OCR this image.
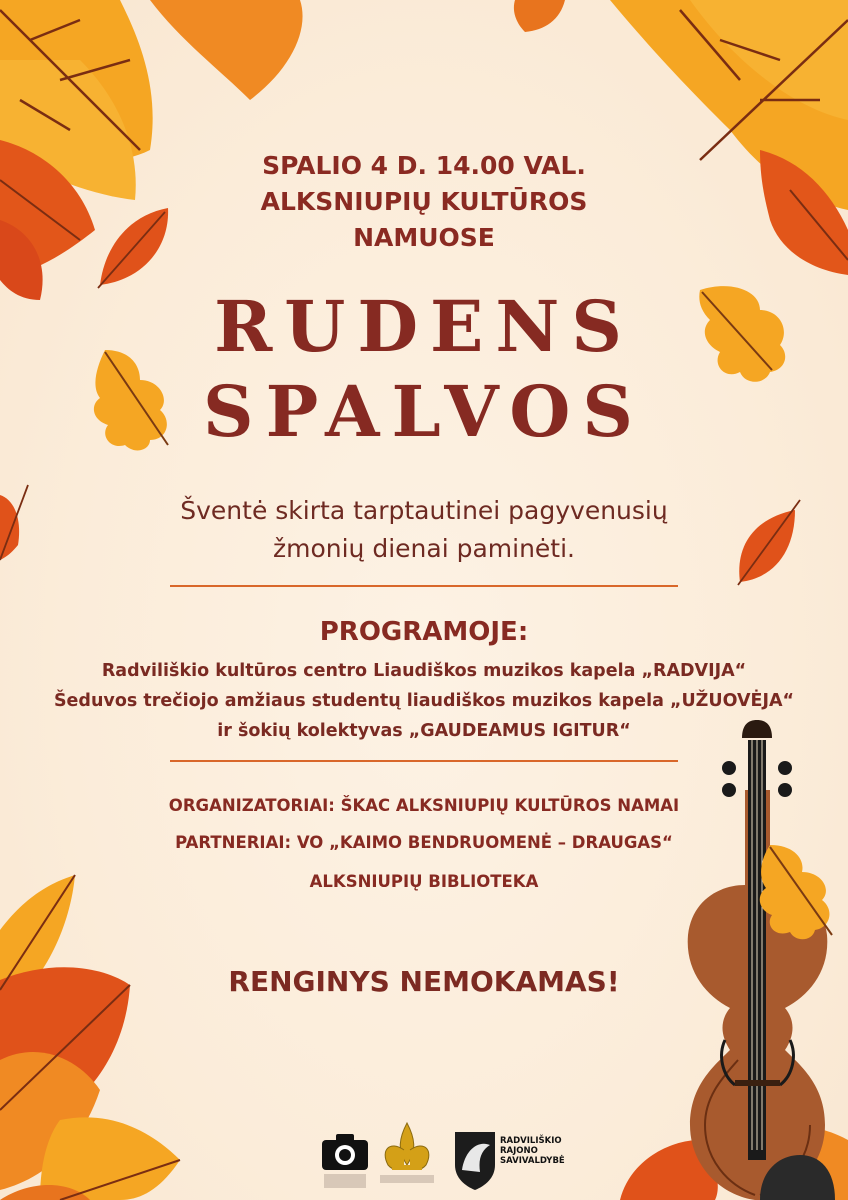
SPALIO 4 D. 14.00 VAL.
ALKSNIUPIŲ KULTŪROS
NAMUOSE
RUDENS
SPALVOS
Šventė skirta tarptautinei pagyvenusių
žmonių dienai paminėti.
PROGRAMOJE:
Radviliškio kultūros centro Liaudiškos muzikos kapela „RADVIJA“
Šeduvos trečiojo amžiaus studentų liaudiškos muzikos kapela „UŽUOVĖJA“
ir šokių kolektyvas „GAUDEAMUS IGITUR“
ORGANIZATORIAI: ŠKAC ALKSNIUPIŲ KULTŪROS NAMAI
PARTNERIAI: VO „KAIMO BENDRUOMENĖ – DRAUGAS“
ALKSNIUPIŲ BIBLIOTEKA
RENGINYS NEMOKAMAS!
RADVILIŠKIO
RAJONO
SAVIVALDYBĖ
